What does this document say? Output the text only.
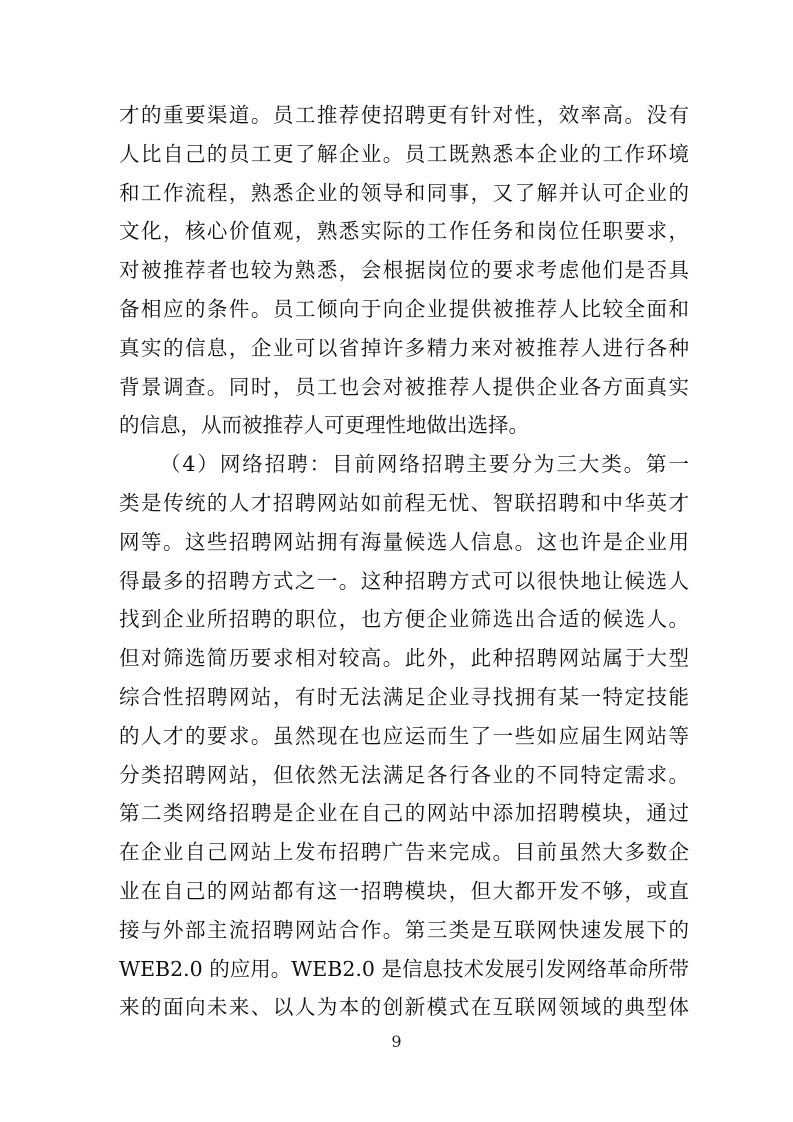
才的重要渠道。员工推荐使招聘更有针对性，效率高。没有
人比自己的员工更了解企业。员工既熟悉本企业的工作环境
和工作流程，熟悉企业的领导和同事，又了解并认可企业的
文化，核心价值观，熟悉实际的工作任务和岗位任职要求，
对被推荐者也较为熟悉，会根据岗位的要求考虑他们是否具
备相应的条件。员工倾向于向企业提供被推荐人比较全面和
真实的信息，企业可以省掉许多精力来对被推荐人进行各种
背景调查。同时，员工也会对被推荐人提供企业各方面真实
的信息，从而被推荐人可更理性地做出选择。
（4）网络招聘：目前网络招聘主要分为三大类。第一
类是传统的人才招聘网站如前程无忧、智联招聘和中华英才
网等。这些招聘网站拥有海量候选人信息。这也许是企业用
得最多的招聘方式之一。这种招聘方式可以很快地让候选人
找到企业所招聘的职位，也方便企业筛选出合适的候选人。
但对筛选简历要求相对较高。此外，此种招聘网站属于大型
综合性招聘网站，有时无法满足企业寻找拥有某一特定技能
的人才的要求。虽然现在也应运而生了一些如应届生网站等
分类招聘网站，但依然无法满足各行各业的不同特定需求。
第二类网络招聘是企业在自己的网站中添加招聘模块，通过
在企业自己网站上发布招聘广告来完成。目前虽然大多数企
业在自己的网站都有这一招聘模块，但大都开发不够，或直
接与外部主流招聘网站合作。第三类是互联网快速发展下的
WEB2.0 的应用。WEB2.0 是信息技术发展引发网络革命所带
来的面向未来、以人为本的创新模式在互联网领域的典型体
9
